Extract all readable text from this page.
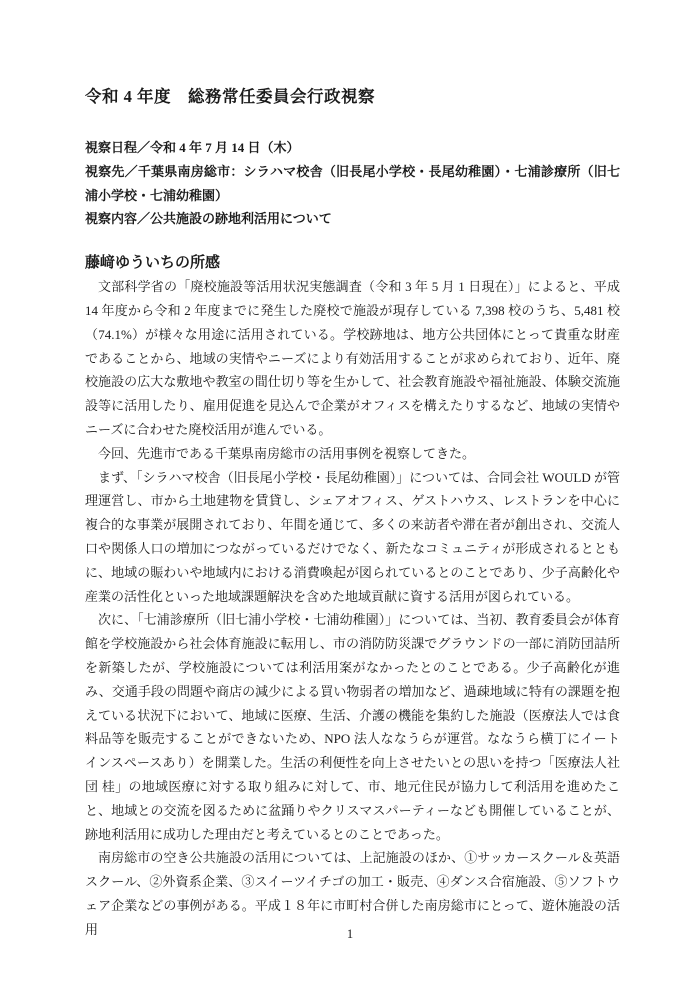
令和 4 年度　総務常任委員会行政視察

視察日程／令和 4 年 7 月 14 日（木）

視察先／千葉県南房総市：シラハマ校舎（旧長尾小学校・長尾幼稚園）・七浦診療所（旧七浦小学校・七浦幼稚園）

視察内容／公共施設の跡地利活用について

藤﨑ゆういちの所感

文部科学省の「廃校施設等活用状況実態調査（令和 3 年 5 月 1 日現在）」によると、平成 14 年度から令和 2 年度までに発生した廃校で施設が現存している 7,398 校のうち、5,481 校（74.1%）が様々な用途に活用されている。学校跡地は、地方公共団体にとって貴重な財産であることから、地域の実情やニーズにより有効活用することが求められており、近年、廃校施設の広大な敷地や教室の間仕切り等を生かして、社会教育施設や福祉施設、体験交流施設等に活用したり、雇用促進を見込んで企業がオフィスを構えたりするなど、地域の実情やニーズに合わせた廃校活用が進んでいる。

今回、先進市である千葉県南房総市の活用事例を視察してきた。

まず、「シラハマ校舎（旧長尾小学校・長尾幼稚園）」については、合同会社 WOULD が管理運営し、市から土地建物を賃貸し、シェアオフィス、ゲストハウス、レストランを中心に複合的な事業が展開されており、年間を通じて、多くの来訪者や滞在者が創出され、交流人口や関係人口の増加につながっているだけでなく、新たなコミュニティが形成されるとともに、地域の賑わいや地域内における消費喚起が図られているとのことであり、少子高齢化や産業の活性化といった地域課題解決を含めた地域貢献に資する活用が図られている。

次に、「七浦診療所（旧七浦小学校・七浦幼稚園）」については、当初、教育委員会が体育館を学校施設から社会体育施設に転用し、市の消防防災課でグラウンドの一部に消防団詰所を新築したが、学校施設については利活用案がなかったとのことである。少子高齢化が進み、交通手段の問題や商店の減少による買い物弱者の増加など、過疎地域に特有の課題を抱えている状況下において、地域に医療、生活、介護の機能を集約した施設（医療法人では食料品等を販売することができないため、NPO 法人ななうらが運営。ななうら横丁にイートインスペースあり）を開業した。生活の利便性を向上させたいとの思いを持つ「医療法人社団 桂」の地域医療に対する取り組みに対して、市、地元住民が協力して利活用を進めたこと、地域との交流を図るために盆踊りやクリスマスパーティーなども開催していることが、跡地利活用に成功した理由だと考えているとのことであった。

南房総市の空き公共施設の活用については、上記施設のほか、①サッカースクール＆英語スクール、②外資系企業、③スイーツイチゴの加工・販売、④ダンス合宿施設、⑤ソフトウェア企業などの事例がある。平成１８年に市町村合併した南房総市にとって、遊休施設の活用	1
